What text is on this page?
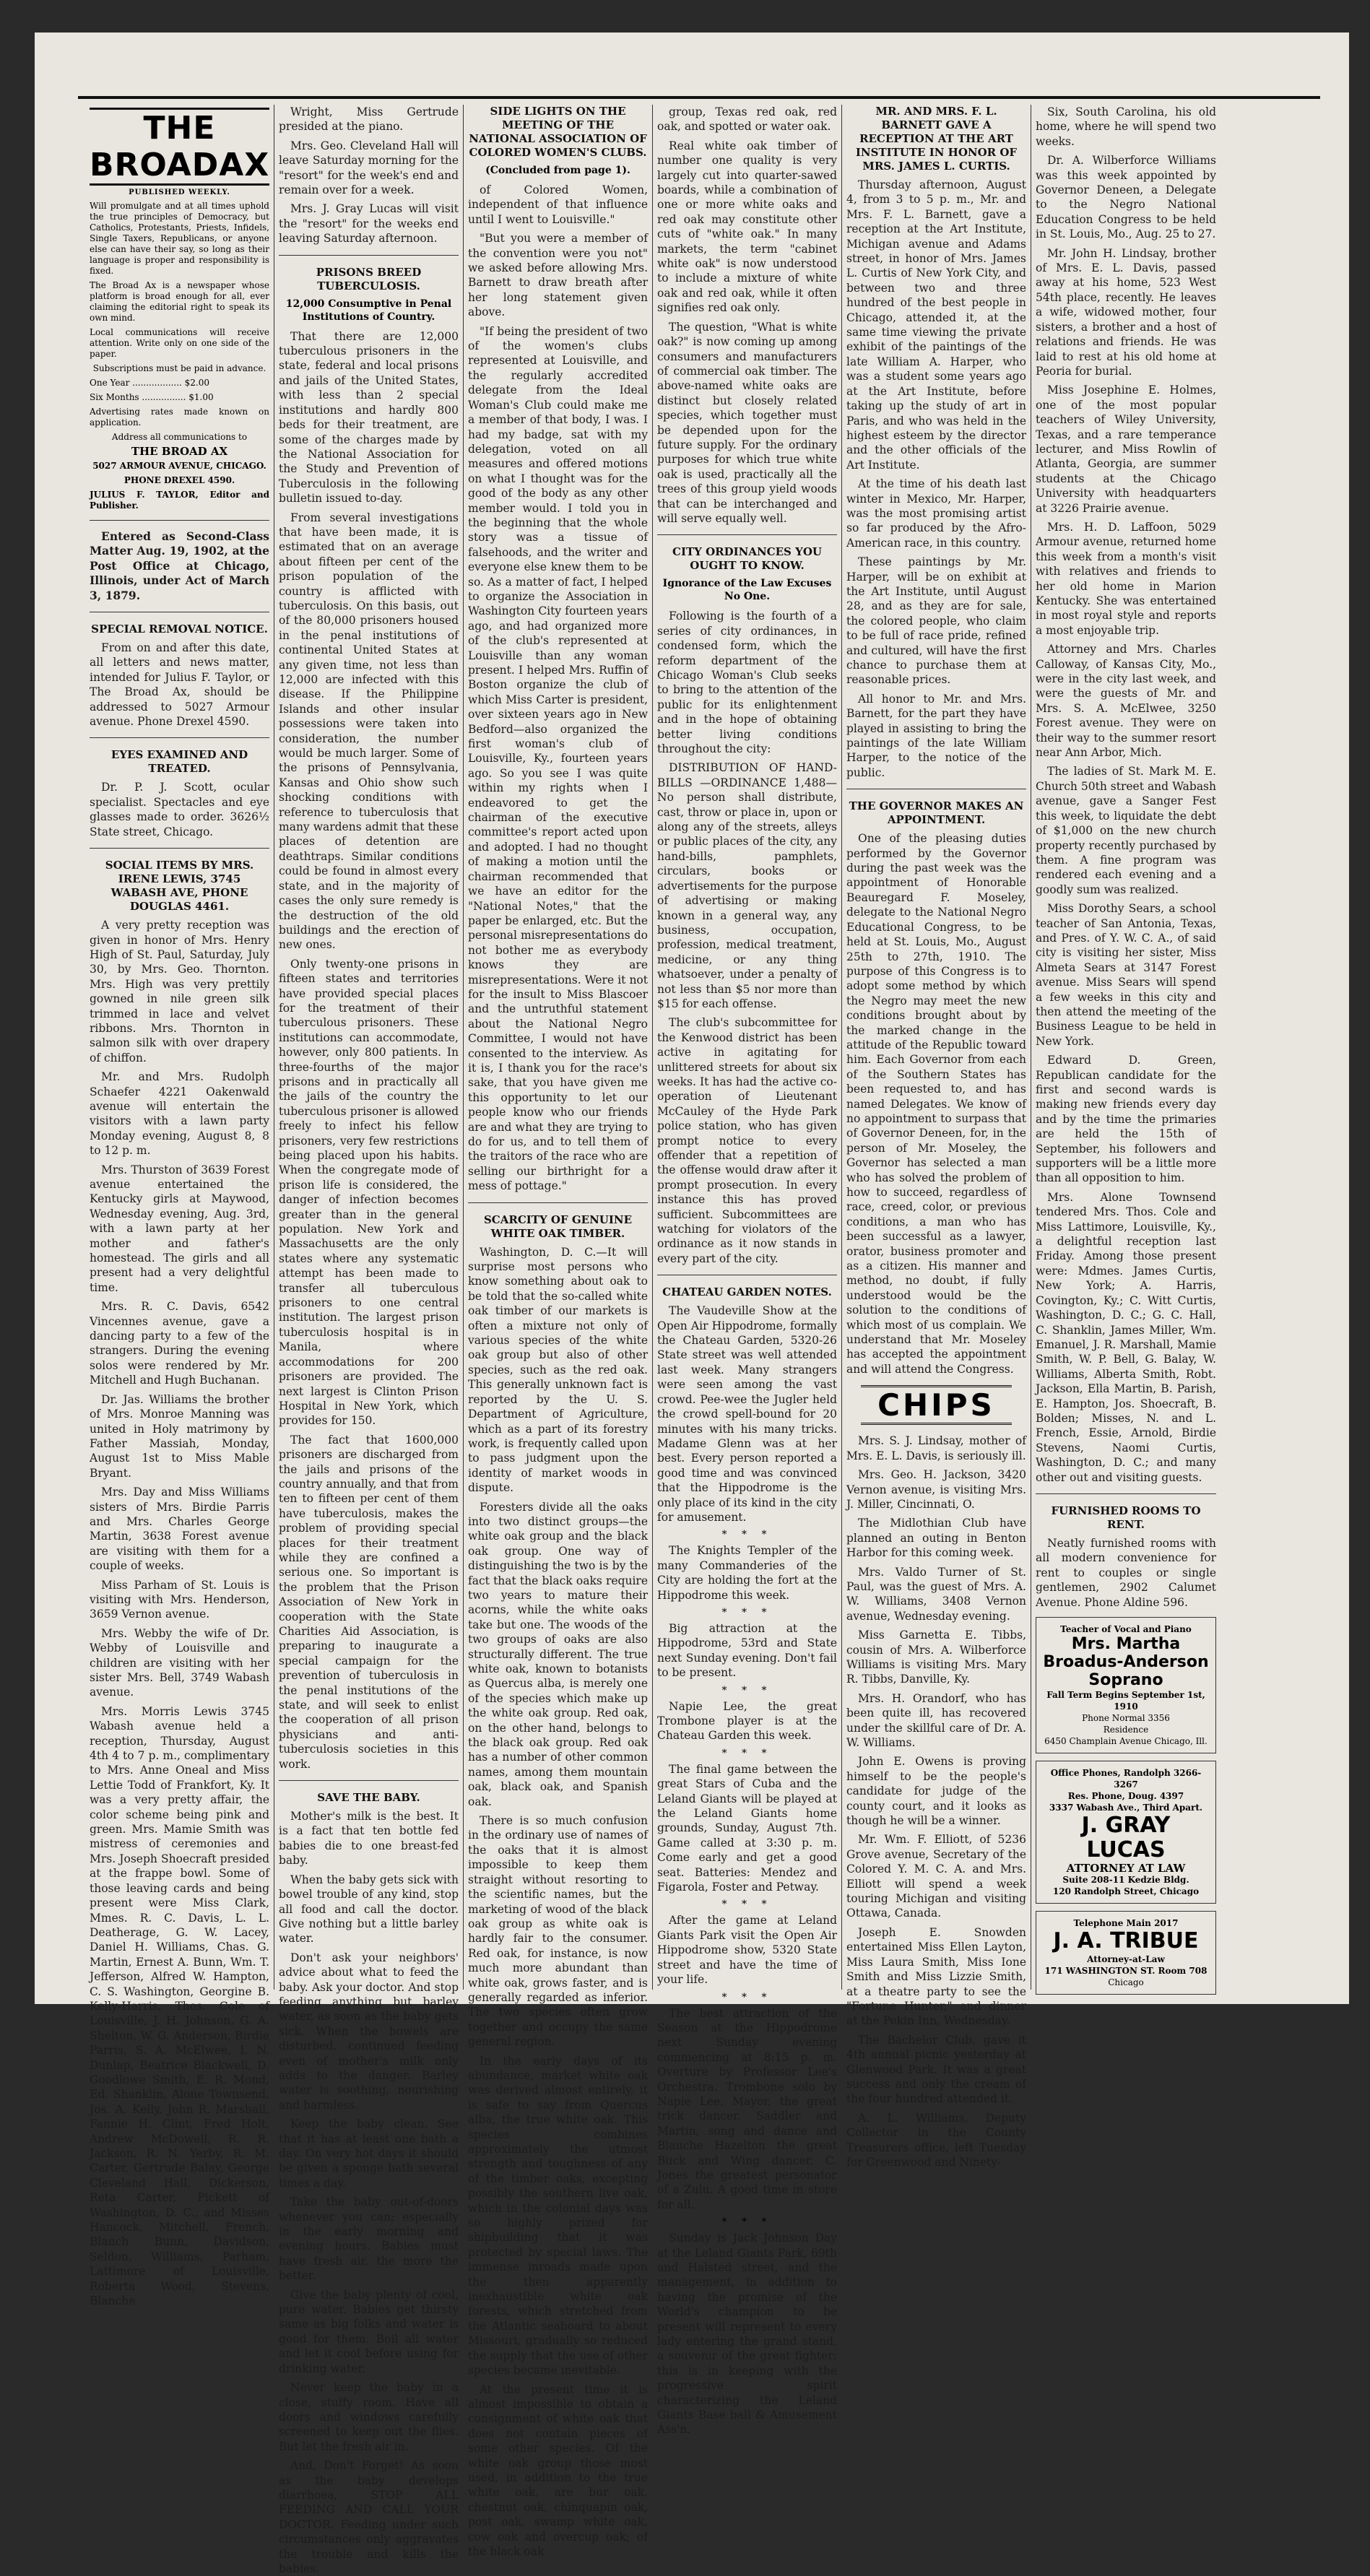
THE BROADAX
PUBLISHED WEEKLY.

Will promulgate and at all times uphold the true principles of Democracy, but Catholics, Protestants, Priests, Infidels, Single Taxers, Republicans, or anyone else can have their say, so long as their language is proper and responsibility is fixed.

The Broad Ax is a newspaper whose platform is broad enough for all, ever claiming the editorial right to speak its own mind.

Local communications will receive attention. Write only on one side of the paper.

Subscriptions must be paid in advance.

One Year .................. $2.00

Six Months ................ $1.00

Advertising rates made known on application.

Address all communications to

THE BROAD AX

5027 ARMOUR AVENUE, CHICAGO.

PHONE DREXEL 4590.

JULIUS F. TAYLOR, Editor and Publisher.

Entered as Second-Class Matter Aug. 19, 1902, at the Post Office at Chicago, Illinois, under Act of March 3, 1879.

SPECIAL REMOVAL NOTICE.

From on and after this date, all letters and news matter, intended for Julius F. Taylor, or The Broad Ax, should be addressed to 5027 Armour avenue. Phone Drexel 4590.

EYES EXAMINED AND TREATED.

Dr. P. J. Scott, ocular specialist. Spectacles and eye glasses made to order. 3626½ State street, Chicago.

SOCIAL ITEMS BY MRS. IRENE LEWIS, 3745 WABASH AVE, PHONE DOUGLAS 4461.

A very pretty reception was given in honor of Mrs. Henry High of St. Paul, Saturday, July 30, by Mrs. Geo. Thornton. Mrs. High was very prettily gowned in nile green silk trimmed in lace and velvet ribbons. Mrs. Thornton in salmon silk with over drapery of chiffon.

Mr. and Mrs. Rudolph Schaefer 4221 Oakenwald avenue will entertain the visitors with a lawn party Monday evening, August 8, 8 to 12 p. m.

Mrs. Thurston of 3639 Forest avenue entertained the Kentucky girls at Maywood, Wednesday evening, Aug. 3rd, with a lawn party at her mother and father's homestead. The girls and all present had a very delightful time.

Mrs. R. C. Davis, 6542 Vincennes avenue, gave a dancing party to a few of the strangers. During the evening solos were rendered by Mr. Mitchell and Hugh Buchanan.

Dr. Jas. Williams the brother of Mrs. Monroe Manning was united in Holy matrimony by Father Massiah, Monday, August 1st to Miss Mable Bryant.

Mrs. Day and Miss Williams sisters of Mrs. Birdie Parris and Mrs. Charles George Martin, 3638 Forest avenue are visiting with them for a couple of weeks.

Miss Parham of St. Louis is visiting with Mrs. Henderson, 3659 Vernon avenue.

Mrs. Webby the wife of Dr. Webby of Louisville and children are visiting with her sister Mrs. Bell, 3749 Wabash avenue.

Mrs. Morris Lewis 3745 Wabash avenue held a reception, Thursday, August 4th 4 to 7 p. m., complimentary to Mrs. Anne Oneal and Miss Lettie Todd of Frankfort, Ky. It was a very pretty affair, the color scheme being pink and green. Mrs. Mamie Smith was mistress of ceremonies and Mrs. Joseph Shoecraft presided at the frappe bowl. Some of those leaving cards and being present were Miss Clark, Mmes. R. C. Davis, L. L. Deatherage, G. W. Lacey, Daniel H. Williams, Chas. G. Martin, Ernest A. Bunn, Wm. T. Jefferson, Alfred W. Hampton, C. S. Washington, Georgine B. Kelly-Harris, Thos. Cole of Louisville, J. H. Johnson, G. A. Shelton, W. G. Anderson, Birdie Parris, S. A. McElwee, I. N. Dunlap, Beatrice Blackwell, D. Goodlowe Smith, E. R. Mond, Ed. Shanklin, Alone Townsend, Jos. A. Kelly, John R. Marshall, Fannie H. Clint, Fred Holt, Andrew McDowell, R. R. Jackson, R. N. Yerby, R. M. Carter, Gertrude Balay, George Cleveland Hall, Dickerson, Reta Carter, Pickett of Washington, D. C., and Misses Hancock, Mitchell, French, Blanch Bunn, Davidson, Seldon, Williams, Parham, Lattimore of Louisville, Roberta Wood, Stevens, Blanche

Wright, Miss Gertrude presided at the piano.

Mrs. Geo. Cleveland Hall will leave Saturday morning for the "resort" for the week's end and remain over for a week.

Mrs. J. Gray Lucas will visit the "resort" for the weeks end leaving Saturday afternoon.

PRISONS BREED TUBERCULOSIS.
12,000 Consumptive in Penal Institutions of Country.

That there are 12,000 tuberculous prisoners in the state, federal and local prisons and jails of the United States, with less than 2 special institutions and hardly 800 beds for their treatment, are some of the charges made by the National Association for the Study and Prevention of Tuberculosis in the following bulletin issued to-day.

From several investigations that have been made, it is estimated that on an average about fifteen per cent of the prison population of the country is afflicted with tuberculosis. On this basis, out of the 80,000 prisoners housed in the penal institutions of continental United States at any given time, not less than 12,000 are infected with this disease. If the Philippine Islands and other insular possessions were taken into consideration, the number would be much larger. Some of the prisons of Pennsylvania, Kansas and Ohio show such shocking conditions with reference to tuberculosis that many wardens admit that these places of detention are deathtraps. Similar conditions could be found in almost every state, and in the majority of cases the only sure remedy is the destruction of the old buildings and the erection of new ones.

Only twenty-one prisons in fifteen states and territories have provided special places for the treatment of their tuberculous prisoners. These institutions can accommodate, however, only 800 patients. In three-fourths of the major prisons and in practically all the jails of the country the tuberculous prisoner is allowed freely to infect his fellow prisoners, very few restrictions being placed upon his habits. When the congregate mode of prison life is considered, the danger of infection becomes greater than in the general population. New York and Massachusetts are the only states where any systematic attempt has been made to transfer all tuberculous prisoners to one central institution. The largest prison tuberculosis hospital is in Manila, where accommodations for 200 prisoners are provided. The next largest is Clinton Prison Hospital in New York, which provides for 150.

The fact that 1600,000 prisoners are discharged from the jails and prisons of the country annually, and that from ten to fifteen per cent of them have tuberculosis, makes the problem of providing special places for their treatment while they are confined a serious one. So important is the problem that the Prison Association of New York in cooperation with the State Charities Aid Association, is preparing to inaugurate a special campaign for the prevention of tuberculosis in the penal institutions of the state, and will seek to enlist the cooperation of all prison physicians and anti-tuberculosis societies in this work.

SAVE THE BABY.

Mother's milk is the best. It is a fact that ten bottle fed babies die to one breast-fed baby.

When the baby gets sick with bowel trouble of any kind, stop all food and call the doctor. Give nothing but a little barley water.

Don't ask your neighbors' advice about what to feed the baby. Ask your doctor. And stop feeding anything but barley water, as soon as the baby gets sick. When the bowels are disturbed, continued feeding even of mother's milk only adds to the danger. Barley water is soothing, nourishing and harmless.

Keep the baby clean. See that it has at least one bath a day. On very hot days it should be given a sponge bath several times a day.

Take the baby out-of-doors whenever you can; especially in the early morning and evening hours. Babies must have fresh air, the more the better.

Give the baby plenty of cool, pure water. Babies get thirsty same as big folks and water is good for them. Boil all water and let it cool before using for drinking water.

Never keep the baby in a close, stuffy room. Have all doors and windows carefully screened to keep out the flies. But let the fresh air in.

And, Don't Forget! As soon as the baby develops diarrhoea, STOP ALL FEEDING AND CALL YOUR DOCTOR. Feeding under such circumstances only aggravates the trouble and kills the babies.

SIDE LIGHTS ON THE MEETING OF THE NATIONAL ASSOCIATION OF COLORED WOMEN'S CLUBS.
(Concluded from page 1).

of Colored Women, independent of that influence until I went to Louisville."

"But you were a member of the convention were you not" we asked before allowing Mrs. Barnett to draw breath after her long statement given above.

"If being the president of two of the women's clubs represented at Louisville, and the regularly accredited delegate from the Ideal Woman's Club could make me a member of that body, I was. I had my badge, sat with my delegation, voted on all measures and offered motions on what I thought was for the good of the body as any other member would. I told you in the beginning that the whole story was a tissue of falsehoods, and the writer and everyone else knew them to be so. As a matter of fact, I helped to organize the Association in Washington City fourteen years ago, and had organized more of the club's represented at Louisville than any woman present. I helped Mrs. Ruffin of Boston organize the club of which Miss Carter is president, over sixteen years ago in New Bedford—also organized the first woman's club of Louisville, Ky., fourteen years ago. So you see I was quite within my rights when I endeavored to get the chairman of the executive committee's report acted upon and adopted. I had no thought of making a motion until the chairman recommended that we have an editor for the "National Notes," that the paper be enlarged, etc. But the personal misrepresentations do not bother me as everybody knows they are misrepresentations. Were it not for the insult to Miss Blascoer and the untruthful statement about the National Negro Committee, I would not have consented to the interview. As it is, I thank you for the race's sake, that you have given me this opportunity to let our people know who our friends are and what they are trying to do for us, and to tell them of the traitors of the race who are selling our birthright for a mess of pottage."

SCARCITY OF GENUINE WHITE OAK TIMBER.

Washington, D. C.—It will surprise most persons who know something about oak to be told that the so-called white oak timber of our markets is often a mixture not only of various species of the white oak group but also of other species, such as the red oak. This generally unknown fact is reported by the U. S. Department of Agriculture, which as a part of its forestry work, is frequently called upon to pass judgment upon the identity of market woods in dispute.

Foresters divide all the oaks into two distinct groups—the white oak group and the black oak group. One way of distinguishing the two is by the fact that the black oaks require two years to mature their acorns, while the white oaks take but one. The woods of the two groups of oaks are also structurally different. The true white oak, known to botanists as Quercus alba, is merely one of the species which make up the white oak group. Red oak, on the other hand, belongs to the black oak group. Red oak has a number of other common names, among them mountain oak, black oak, and Spanish oak.

There is so much confusion in the ordinary use of names of the oaks that it is almost impossible to keep them straight without resorting to the scientific names, but the marketing of wood of the black oak group as white oak is hardly fair to the consumer. Red oak, for instance, is now much more abundant than white oak, grows faster, and is generally regarded as inferior. The two species often grow together and occupy the same general region.

In the early days of its abundance, market white oak was derived almost entirely, it is safe to say from Quercus alba, the true white oak. This species combines approximately the utmost strength and toughness of any of the timber oaks, excepting possibly the southern live oak, which in the colonial days was so highly prized for shipbuilding that it was protected by special laws. The immense inroads made upon the then apparently inexhaustible white oak forests, which stretched from the Atlantic seaboard to about Missouri, gradually so reduced the supply that the use of other species became inevitable.

At the present time it is almost impossible to obtain a consignment of white oak that does not contain pieces of some other species. Of the white oak group those most used, in addition to the true white oak, are bur oak, chestnut oak, chinquapin oak, post oak, swamp white oak, cow oak and overcup oak; of the black oak

group, Texas red oak, red oak, and spotted or water oak.

Real white oak timber of number one quality is very largely cut into quarter-sawed boards, while a combination of one or more white oaks and red oak may constitute other cuts of "white oak." In many markets, the term "cabinet white oak" is now understood to include a mixture of white oak and red oak, while it often signifies red oak only.

The question, "What is white oak?" is now coming up among consumers and manufacturers of commercial oak timber. The above-named white oaks are distinct but closely related species, which together must be depended upon for the future supply. For the ordinary purposes for which true white oak is used, practically all the trees of this group yield woods that can be interchanged and will serve equally well.

CITY ORDINANCES YOU OUGHT TO KNOW.
Ignorance of the Law Excuses No One.

Following is the fourth of a series of city ordinances, in condensed form, which the reform department of the Chicago Woman's Club seeks to bring to the attention of the public for its enlightenment and in the hope of obtaining better living conditions throughout the city:

DISTRIBUTION OF HAND-BILLS —ORDINANCE 1,488—No person shall distribute, cast, throw or place in, upon or along any of the streets, alleys or public places of the city, any hand-bills, pamphlets, circulars, books or advertisements for the purpose of advertising or making known in a general way, any business, occupation, profession, medical treatment, medicine, or any thing whatsoever, under a penalty of not less than $5 nor more than $15 for each offense.

The club's subcommittee for the Kenwood district has been active in agitating for unlittered streets for about six weeks. It has had the active co-operation of Lieutenant McCauley of the Hyde Park police station, who has given prompt notice to every offender that a repetition of the offense would draw after it prompt prosecution. In every instance this has proved sufficient. Subcommittees are watching for violators of the ordinance as it now stands in every part of the city.

CHATEAU GARDEN NOTES.

The Vaudeville Show at the Open Air Hippodrome, formally the Chateau Garden, 5320-26 State street was well attended last week. Many strangers were seen among the vast crowd. Pee-wee the Jugler held the crowd spell-bound for 20 minutes with his many tricks. Madame Glenn was at her best. Every person reported a good time and was convinced that the Hippodrome is the only place of its kind in the city for amusement.

* * *

The Knights Templer of the many Commanderies of the City are holding the fort at the Hippodrome this week.

* * *

Big attraction at the Hippodrome, 53rd and State next Sunday evening. Don't fail to be present.

* * *

Napie Lee, the great Trombone player is at the Chateau Garden this week.

* * *

The final game between the great Stars of Cuba and the Leland Giants will be played at the Leland Giants home grounds, Sunday, August 7th. Game called at 3:30 p. m. Come early and get a good seat. Batteries: Mendez and Figarola, Foster and Petway.

* * *

After the game at Leland Giants Park visit the Open Air Hippodrome show, 5320 State street and have the time of your life.

* * *

The best attraction of the Season at the Hippodrome next Sunday evening commencing at 8:15 p. m. Overture by Professor Lee's Orchestra. Trombone solo by Napie Lee, Mayor, the great trick dancer, Saddler and Martin, song and dance and Blanche Hazelton the great Buck and Wing dancer. C. Jones the greatest personator of a Zulu. A good time in store for all.

* * *

Sunday is Jack Johnson Day at the Leland Giants Park, 69th and Halsted street, and the management, in addition to having the promise of the World's champion to be present will represent to every lady entering the grand stand, a souvenir of the great fighter; this is in keeping with the progressive spirit characterizing the Leland Giants Base ball & Amusement Ass'n.

MR. AND MRS. F. L. BARNETT GAVE A RECEPTION AT THE ART INSTITUTE IN HONOR OF MRS. JAMES L. CURTIS.

Thursday afternoon, August 4, from 3 to 5 p. m., Mr. and Mrs. F. L. Barnett, gave a reception at the Art Institute, Michigan avenue and Adams street, in honor of Mrs. James L. Curtis of New York City, and between two and three hundred of the best people in Chicago, attended it, at the same time viewing the private exhibit of the paintings of the late William A. Harper, who was a student some years ago at the Art Institute, before taking up the study of art in Paris, and who was held in the highest esteem by the director and the other officials of the Art Institute.

At the time of his death last winter in Mexico, Mr. Harper, was the most promising artist so far produced by the Afro-American race, in this country.

These paintings by Mr. Harper, will be on exhibit at the Art Institute, until August 28, and as they are for sale, the colored people, who claim to be full of race pride, refined and cultured, will have the first chance to purchase them at reasonable prices.

All honor to Mr. and Mrs. Barnett, for the part they have played in assisting to bring the paintings of the late William Harper, to the notice of the public.

THE GOVERNOR MAKES AN APPOINTMENT.

One of the pleasing duties performed by the Governor during the past week was the appointment of Honorable Beauregard F. Moseley, delegate to the National Negro Educational Congress, to be held at St. Louis, Mo., August 25th to 27th, 1910. The purpose of this Congress is to adopt some method by which the Negro may meet the new conditions brought about by the marked change in the attitude of the Republic toward him. Each Governor from each of the Southern States has been requested to, and has named Delegates. We know of no appointment to surpass that of Governor Deneen, for, in the person of Mr. Moseley, the Governor has selected a man who has solved the problem of how to succeed, regardless of race, creed, color, or previous conditions, a man who has been successful as a lawyer, orator, business promoter and as a citizen. His manner and method, no doubt, if fully understood would be the solution to the conditions of which most of us complain. We understand that Mr. Moseley has accepted the appointment and will attend the Congress.

CHIPS

Mrs. S. J. Lindsay, mother of Mrs. E. L. Davis, is seriously ill.

Mrs. Geo. H. Jackson, 3420 Vernon avenue, is visiting Mrs. J. Miller, Cincinnati, O.

The Midlothian Club have planned an outing in Benton Harbor for this coming week.

Mrs. Valdo Turner of St. Paul, was the guest of Mrs. A. W. Williams, 3408 Vernon avenue, Wednesday evening.

Miss Garnetta E. Tibbs, cousin of Mrs. A. Wilberforce Williams is visiting Mrs. Mary R. Tibbs, Danville, Ky.

Mrs. H. Orandorf, who has been quite ill, has recovered under the skillful care of Dr. A. W. Williams.

John E. Owens is proving himself to be the people's candidate for judge of the county court, and it looks as though he will be a winner.

Mr. Wm. F. Elliott, of 5236 Grove avenue, Secretary of the Colored Y. M. C. A. and Mrs. Elliott will spend a week touring Michigan and visiting Ottawa, Canada.

Joseph E. Snowden entertained Miss Ellen Layton, Miss Laura Smith, Miss Ione Smith and Miss Lizzie Smith, at a theatre party to see the "Fortune Hunter," and dinner at the Pekin Inn, Wednesday.

The Bachelor Club, gave it 4th annual picnic yesterday at Glenwood Park. It was a great success and only the cream of the four hundred attended it.

A. L. Williams, Deputy Collector in the County Treasurers office, left Tuesday for Greenwood and Ninety-

Six, South Carolina, his old home, where he will spend two weeks.

Dr. A. Wilberforce Williams was this week appointed by Governor Deneen, a Delegate to the Negro National Education Congress to be held in St. Louis, Mo., Aug. 25 to 27.

Mr. John H. Lindsay, brother of Mrs. E. L. Davis, passed away at his home, 523 West 54th place, recently. He leaves a wife, widowed mother, four sisters, a brother and a host of relations and friends. He was laid to rest at his old home at Peoria for burial.

Miss Josephine E. Holmes, one of the most popular teachers of Wiley University, Texas, and a rare temperance lecturer, and Miss Rowlin of Atlanta, Georgia, are summer students at the Chicago University with headquarters at 3226 Prairie avenue.

Mrs. H. D. Laffoon, 5029 Armour avenue, returned home this week from a month's visit with relatives and friends to her old home in Marion Kentucky. She was entertained in most royal style and reports a most enjoyable trip.

Attorney and Mrs. Charles Calloway, of Kansas City, Mo., were in the city last week, and were the guests of Mr. and Mrs. S. A. McElwee, 3250 Forest avenue. They were on their way to the summer resort near Ann Arbor, Mich.

The ladies of St. Mark M. E. Church 50th street and Wabash avenue, gave a Sanger Fest this week, to liquidate the debt of $1,000 on the new church property recently purchased by them. A fine program was rendered each evening and a goodly sum was realized.

Miss Dorothy Sears, a school teacher of San Antonia, Texas, and Pres. of Y. W. C. A., of said city is visiting her sister, Miss Almeta Sears at 3147 Forest avenue. Miss Sears will spend a few weeks in this city and then attend the meeting of the Business League to be held in New York.

Edward D. Green, Republican candidate for the first and second wards is making new friends every day and by the time the primaries are held the 15th of September, his followers and supporters will be a little more than all opposition to him.

Mrs. Alone Townsend tendered Mrs. Thos. Cole and Miss Lattimore, Louisville, Ky., a delightful reception last Friday. Among those present were: Mdmes. James Curtis, New York; A. Harris, Covington, Ky.; C. Witt Curtis, Washington, D. C.; G. C. Hall, C. Shanklin, James Miller, Wm. Emanuel, J. R. Marshall, Mamie Smith, W. P. Bell, G. Balay, W. Williams, Alberta Smith, Robt. Jackson, Ella Martin, B. Parish, E. Hampton, Jos. Shoecraft, B. Bolden; Misses, N. and L. French, Essie, Arnold, Birdie Stevens, Naomi Curtis, Washington, D. C.; and many other out and visiting guests.

FURNISHED ROOMS TO RENT.

Neatly furnished rooms with all modern convenience for rent to couples or single gentlemen, 2902 Calumet Avenue. Phone Aldine 596.

Teacher of Vocal and Piano
Mrs. Martha Broadus-Anderson
Soprano
Fall Term Begins September 1st, 1910
Phone Normal 3356
Residence
6450 Champlain Avenue Chicago, Ill.
Office Phones, Randolph 3266-3267
Res. Phone, Doug. 4397
3337 Wabash Ave., Third Apart.
J. GRAY LUCAS
ATTORNEY AT LAW
Suite 208-11 Kedzie Bldg.
120 Randolph Street, Chicago
Telephone Main 2017
J. A. TRIBUE
Attorney-at-Law
171 WASHINGTON ST. Room 708
Chicago
